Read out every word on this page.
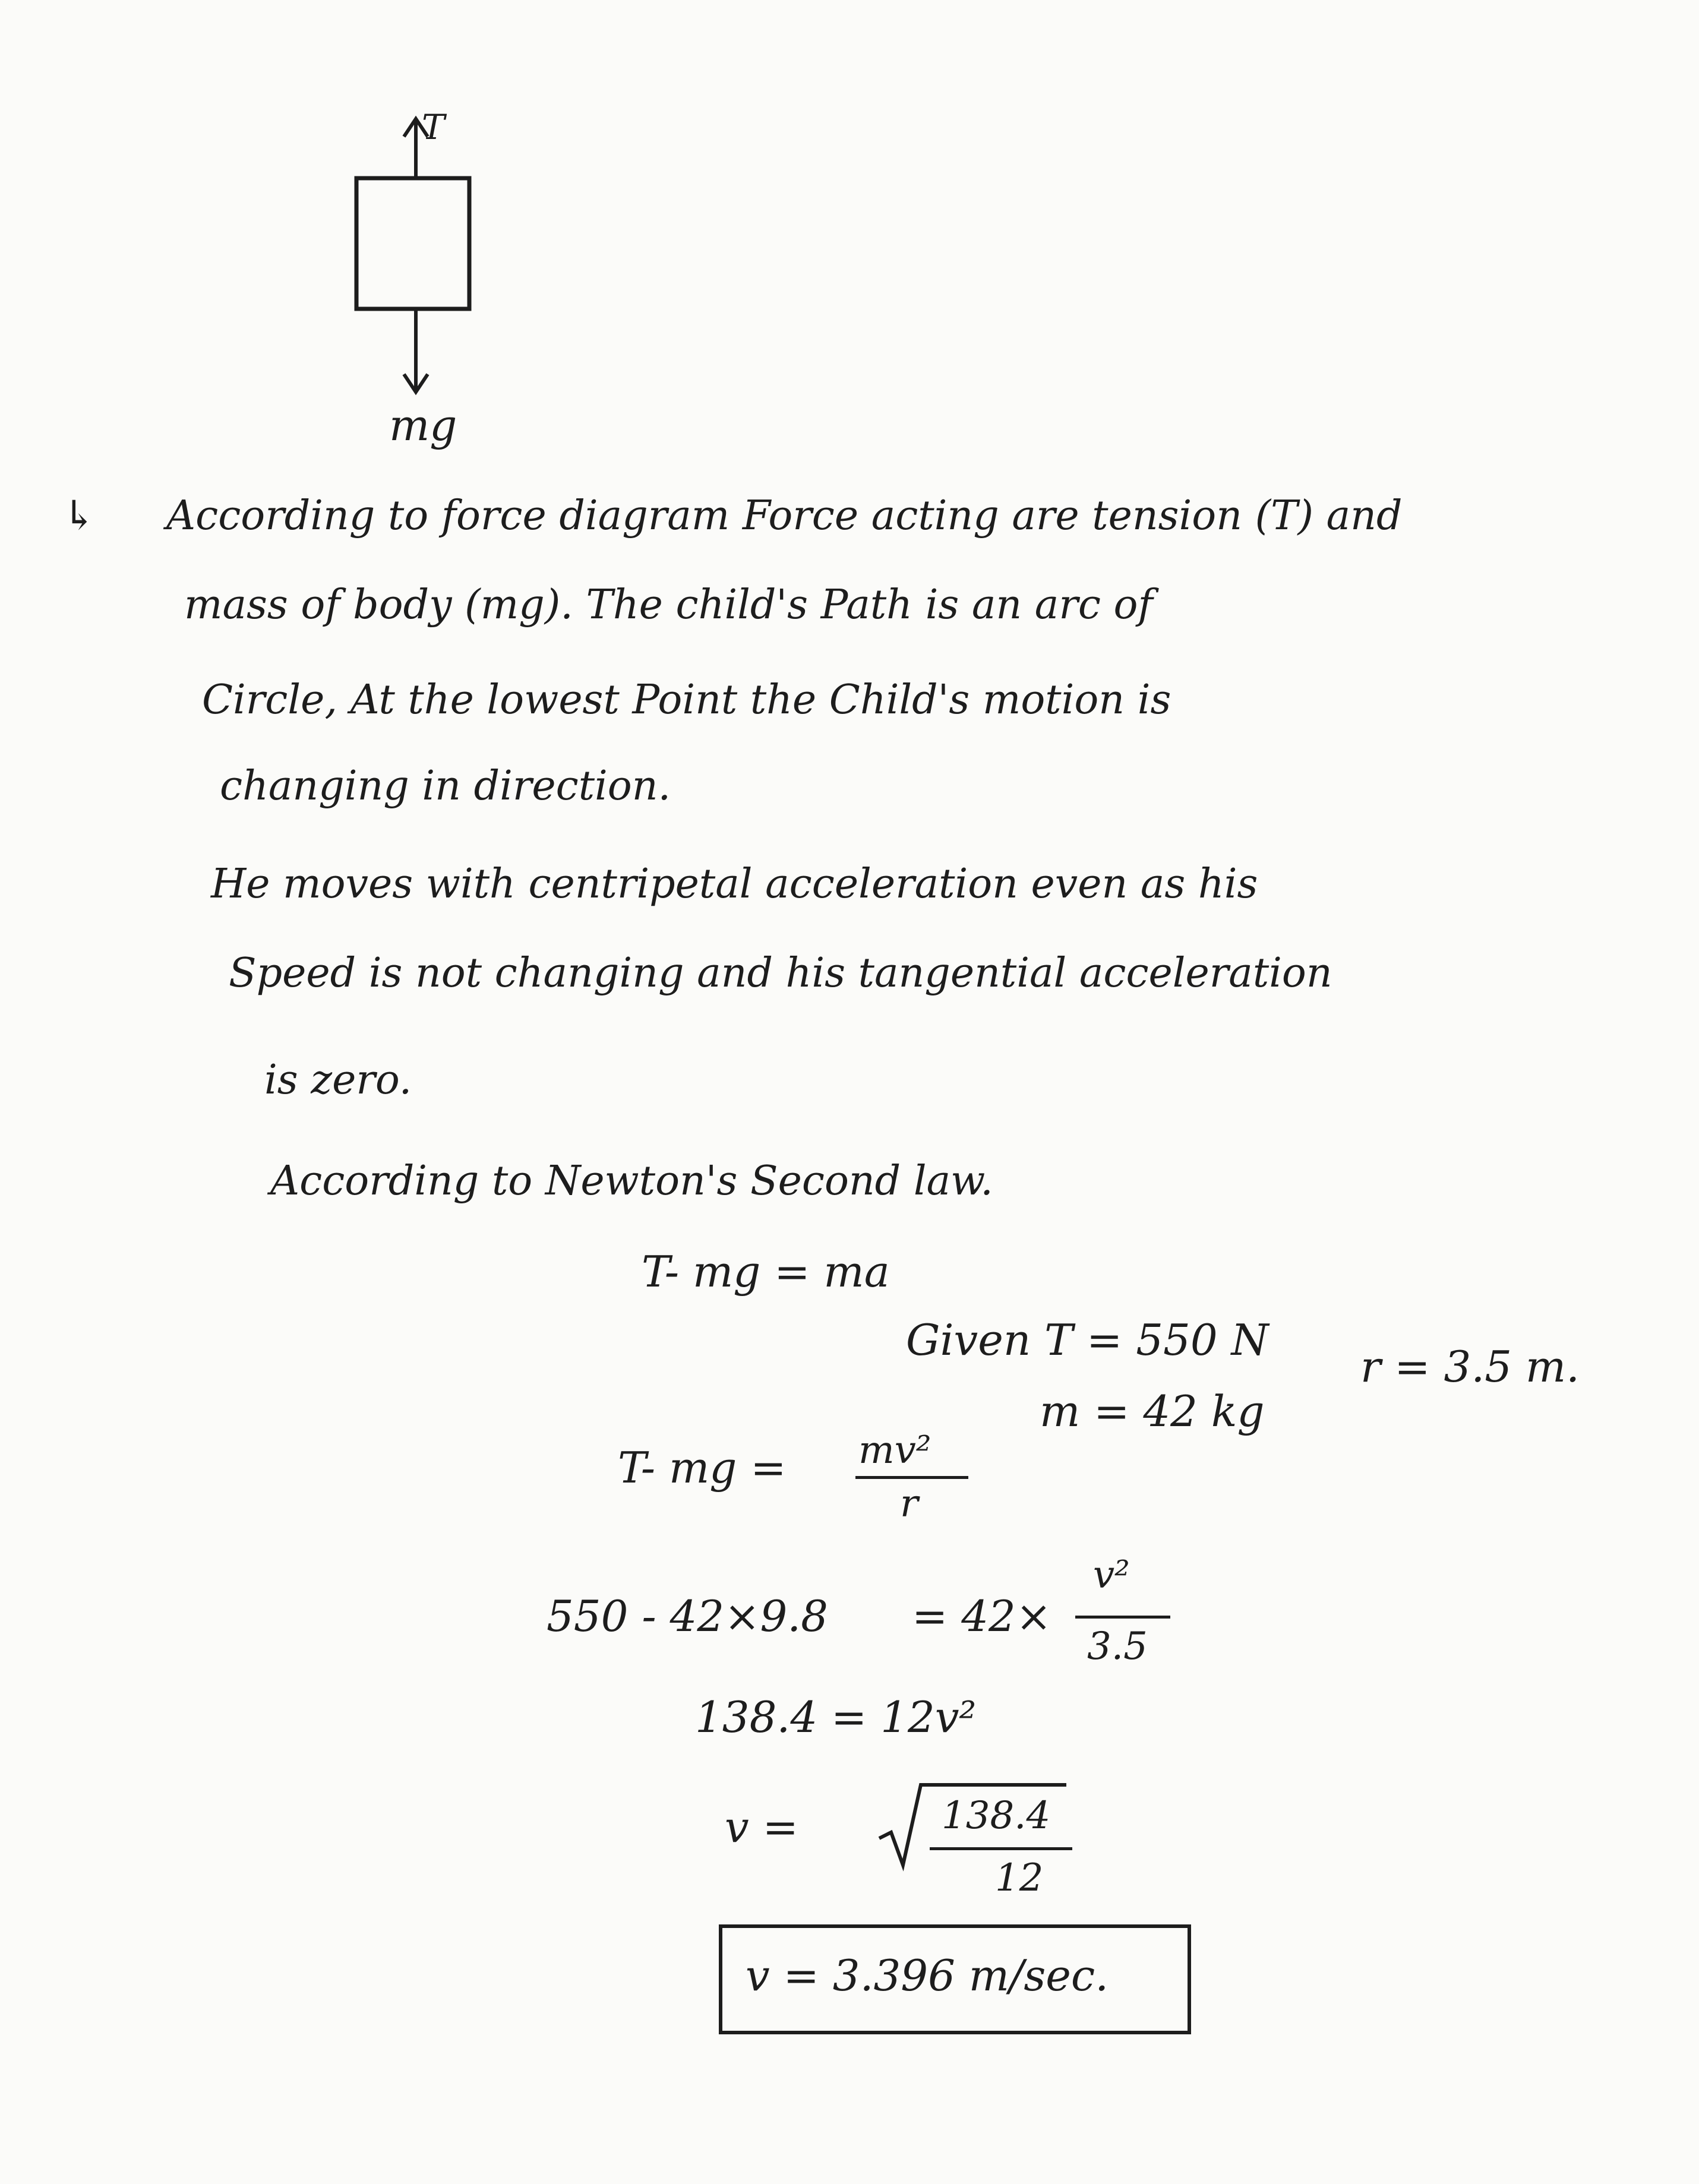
T
mg
↳ According to force diagram Force acting are tension (T) and
mass of body (mg). The child's Path is an arc of
Circle, At the lowest Point the Child's motion is
changing in direction.
He moves with centripetal acceleration even as his
Speed is not changing and his tangential acceleration
is zero.
According to Newton's Second law.
T- mg = ma
Given T = 550 N
m = 42 kg
r = 3.5 m.
T- mg = mv²
r
550 - 42×9.8 = 42×
v²
3.5
138.4 = 12v²
v =	138.4
12
v = 3.396 m/sec.
